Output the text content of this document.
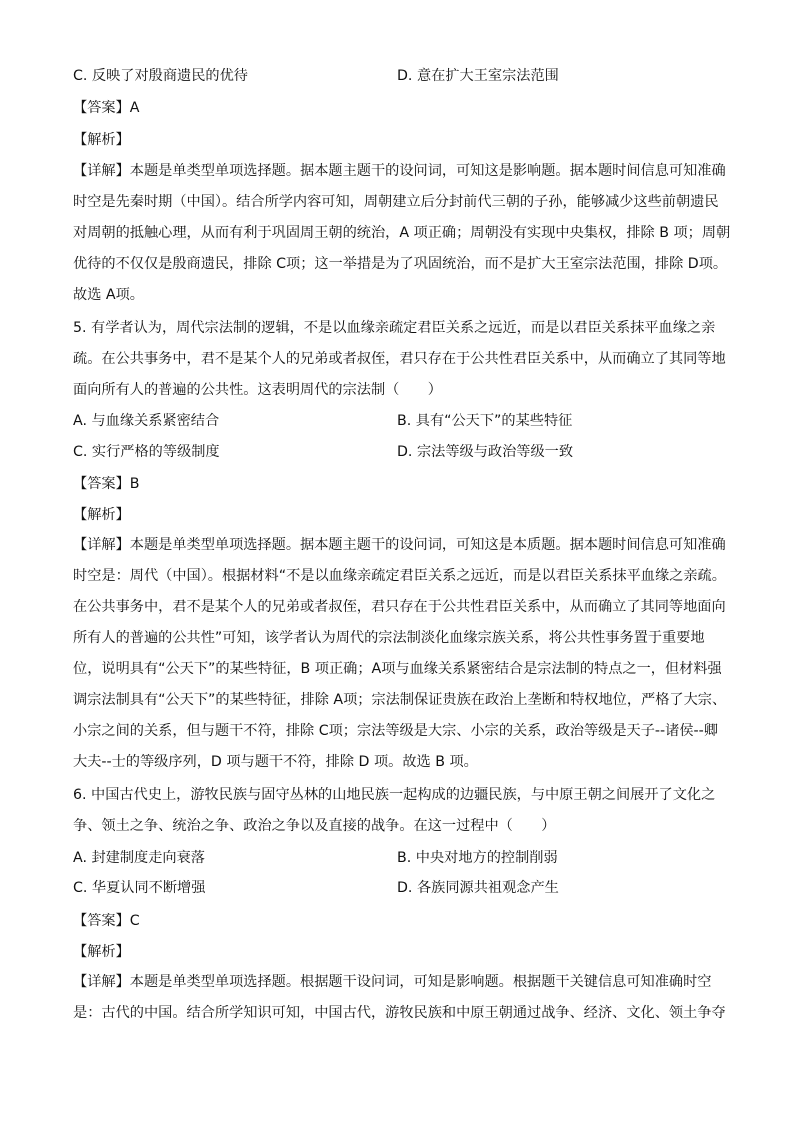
C. 反映了对殷商遗民的优待	D. 意在扩大王室宗法范围
【答案】A
【解析】
【详解】本题是单类型单项选择题。据本题主题干的设问词，可知这是影响题。据本题时间信息可知准确
时空是先秦时期（中国）。结合所学内容可知，周朝建立后分封前代三朝的子孙，能够减少这些前朝遗民
对周朝的抵触心理，从而有利于巩固周王朝的统治，A 项正确；周朝没有实现中央集权，排除 B 项；周朝
优待的不仅仅是殷商遗民，排除 C项；这一举措是为了巩固统治，而不是扩大王室宗法范围，排除 D项。
故选 A项。
5. 有学者认为，周代宗法制的逻辑，不是以血缘亲疏定君臣关系之远近，而是以君臣关系抹平血缘之亲
疏。在公共事务中，君不是某个人的兄弟或者叔侄，君只存在于公共性君臣关系中，从而确立了其同等地
面向所有人的普遍的公共性。这表明周代的宗法制（　　）
A. 与血缘关系紧密结合	B. 具有“公天下”的某些特征
C. 实行严格的等级制度	D. 宗法等级与政治等级一致
【答案】B
【解析】
【详解】本题是单类型单项选择题。据本题主题干的设问词，可知这是本质题。据本题时间信息可知准确
时空是：周代（中国）。根据材料“不是以血缘亲疏定君臣关系之远近，而是以君臣关系抹平血缘之亲疏。
在公共事务中，君不是某个人的兄弟或者叔侄，君只存在于公共性君臣关系中，从而确立了其同等地面向
所有人的普遍的公共性”可知，该学者认为周代的宗法制淡化血缘宗族关系，将公共性事务置于重要地
位，说明具有“公天下”的某些特征，B 项正确；A项与血缘关系紧密结合是宗法制的特点之一，但材料强
调宗法制具有“公天下”的某些特征，排除 A项；宗法制保证贵族在政治上垄断和特权地位，严格了大宗、
小宗之间的关系，但与题干不符，排除 C项；宗法等级是大宗、小宗的关系，政治等级是天子--诸侯--卿
大夫--士的等级序列，D 项与题干不符，排除 D 项。故选 B 项。
6. 中国古代史上，游牧民族与固守丛林的山地民族一起构成的边疆民族，与中原王朝之间展开了文化之
争、领土之争、统治之争、政治之争以及直接的战争。在这一过程中（　　）
A. 封建制度走向衰落	B. 中央对地方的控制削弱
C. 华夏认同不断增强	D. 各族同源共祖观念产生
【答案】C
【解析】
【详解】本题是单类型单项选择题。根据题干设问词，可知是影响题。根据题干关键信息可知准确时空
是：古代的中国。结合所学知识可知，中国古代，游牧民族和中原王朝通过战争、经济、文化、领土争夺
